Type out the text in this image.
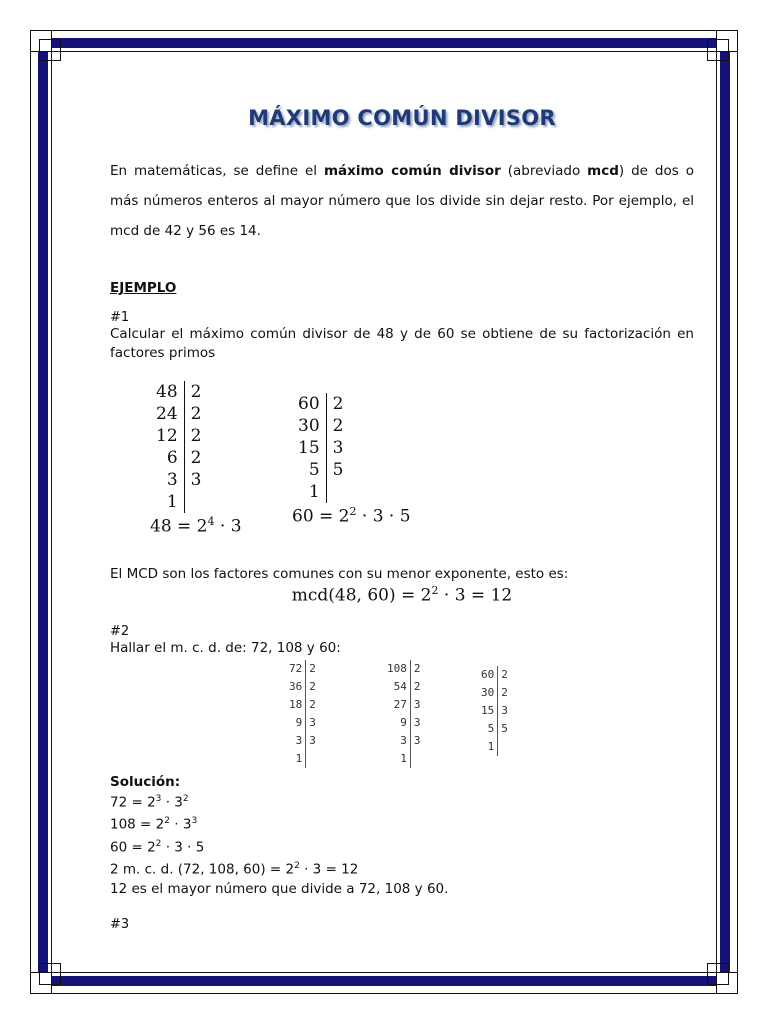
MÁXIMO COMÚN DIVISOR

En matemáticas, se define el máximo común divisor (abreviado mcd) de dos o más números enteros al mayor número que los divide sin dejar resto. Por ejemplo, el mcd de 42 y 56 es 14.

EJEMPLO
#1

Calcular el máximo común divisor de 48 y de 60 se obtiene de su factorización en factores primos

48	2
24	2
12	2
6	2
3	3
1	
$48 = 2^4 \cdot 3$
60	2
30	2
15	3
5	5
1	
$60 = 2^2 \cdot 3 \cdot 5$

El MCD son los factores comunes con su menor exponente, esto es:

mcd(48, $60) = 2^2 \cdot 3 = 12$
#2

Hallar el m. c. d. de: 72, 108 y 60:

72	2
36	2
18	2
9	3
3	3
1	
108	2
54	2
27	3
9	3
3	3
1	
60	2
30	2
15	3
5	5
1	
Solución:

$72 = 2^3 \cdot 3^2$

$108 = 2^2 \cdot 3^3$

$60 = 2^2 \cdot 3 \cdot 5$

2 m. c. d. (72, 108, $60) = 2^2 \cdot 3 = 12$

12 es el mayor número que divide a 72, 108 y 60.

#3
